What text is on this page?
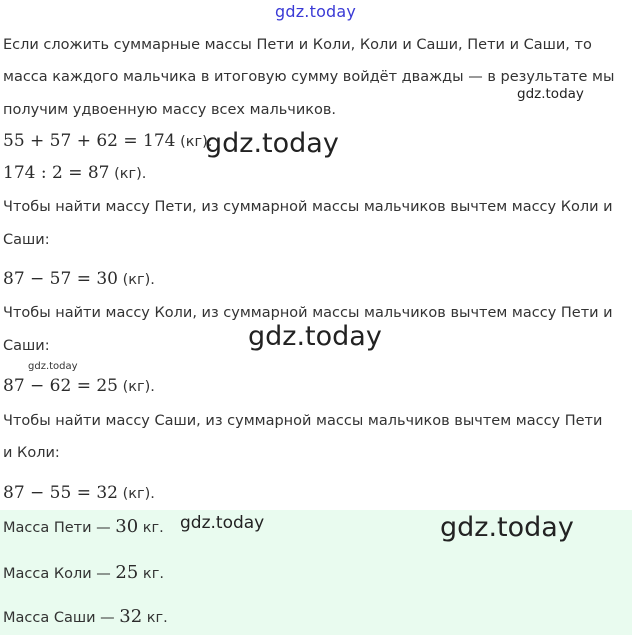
Если сложить суммарные массы Пети и Коли, Коли и Саши, Пети и Саши, то
масса каждого мальчика в итоговую сумму войдёт дважды — в результате мы
получим удвоенную массу всех мальчиков.
55 + 57 + 62 = 174 (кг).
174 : 2 = 87 (кг).
Чтобы найти массу Пети, из суммарной массы мальчиков вычтем массу Коли и
Саши:
87 − 57 = 30 (кг).
Чтобы найти массу Коли, из суммарной массы мальчиков вычтем массу Пети и
Саши:
87 − 62 = 25 (кг).
Чтобы найти массу Саши, из суммарной массы мальчиков вычтем массу Пети
и Коли:
87 − 55 = 32 (кг).
Масса Пети — 30 кг.
Масса Коли — 25 кг.
Масса Саши — 32 кг.
gdz.today
gdz.today
gdz.today
gdz.today
gdz.today
gdz.today	gdz.today
